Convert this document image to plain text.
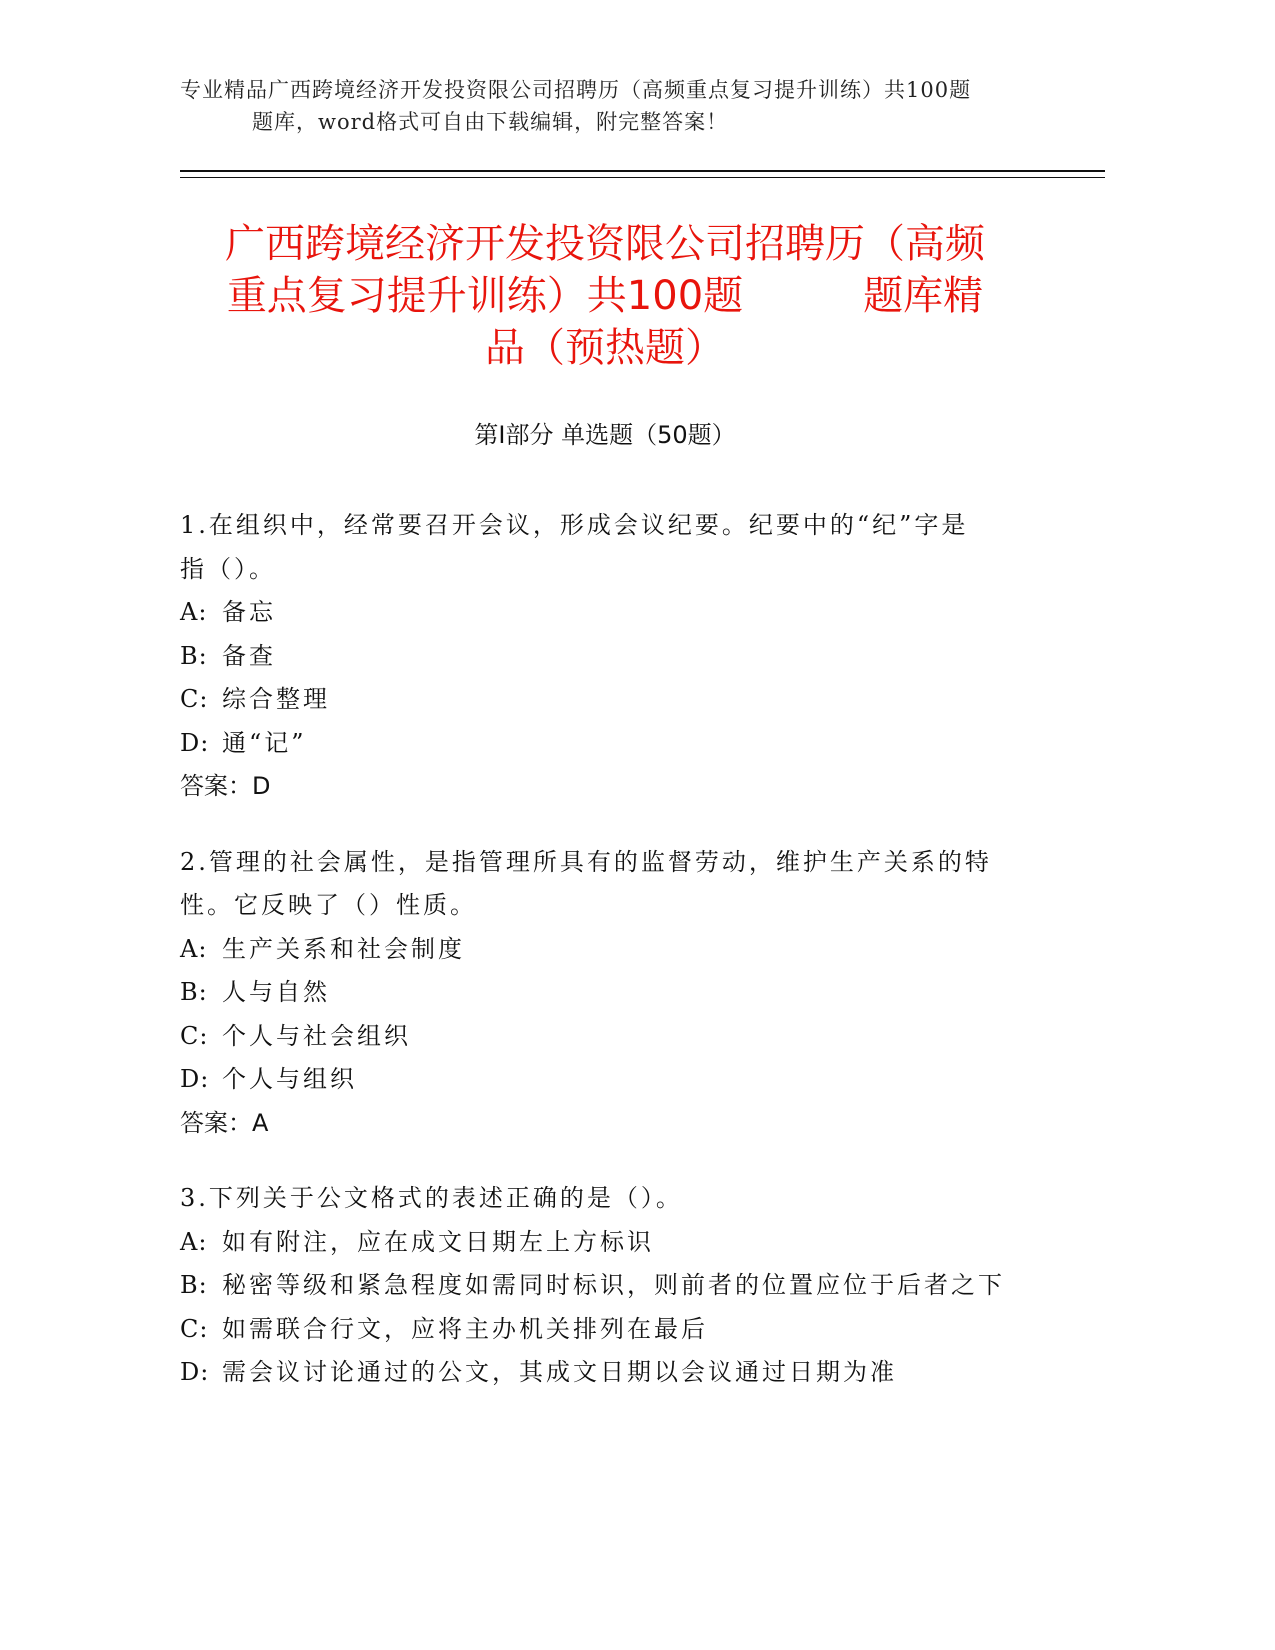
专业精品广西跨境经济开发投资限公司招聘历（高频重点复习提升训练）共100题
题库，word格式可自由下载编辑，附完整答案！
广西跨境经济开发投资限公司招聘历（高频
重点复习提升训练）共100题　　　题库精
品（预热题）
第I部分 单选题（50题）

1.在组织中，经常要召开会议，形成会议纪要。纪要中的“纪”字是

指（）。

A: 备忘

B: 备查

C: 综合整理

D: 通“记”

答案：D

2.管理的社会属性，是指管理所具有的监督劳动，维护生产关系的特

性。它反映了（）性质。

A: 生产关系和社会制度

B: 人与自然

C: 个人与社会组织

D: 个人与组织

答案：A

3.下列关于公文格式的表述正确的是（）。

A: 如有附注，应在成文日期左上方标识

B: 秘密等级和紧急程度如需同时标识，则前者的位置应位于后者之下

C: 如需联合行文，应将主办机关排列在最后

D: 需会议讨论通过的公文，其成文日期以会议通过日期为准
